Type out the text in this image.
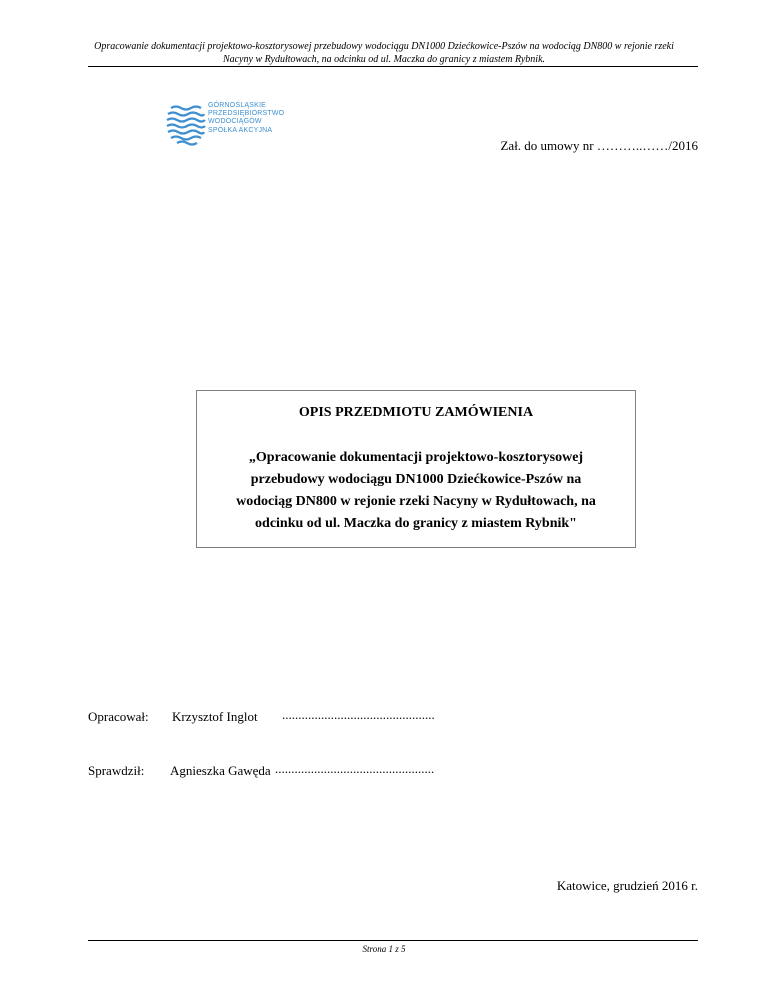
Opracowanie dokumentacji projektowo-kosztorysowej przebudowy wodociągu DN1000 Dziećkowice-Pszów na wodociąg DN800 w rejonie rzeki
Nacyny w Rydułtowach, na odcinku od ul. Maczka do granicy z miastem Rybnik.
GÓRNOŚLĄSKIE
PRZEDSIĘBIORSTWO
WODOCIĄGÓW
SPÓŁKA AKCYJNA
Zał. do umowy nr ………..……/2016
OPIS PRZEDMIOTU ZAMÓWIENIA
„Opracowanie dokumentacji projektowo-kosztorysowej
przebudowy wodociągu DN1000 Dziećkowice-Pszów na
wodociąg DN800 w rejonie rzeki Nacyny w Rydułtowach, na
odcinku od ul. Maczka do granicy z miastem Rybnik"
Opracował: Krzysztof Inglot ...............................................
Sprawdził: Agnieszka Gawęda .................................................
Katowice, grudzień 2016 r.
Strona 1 z 5
